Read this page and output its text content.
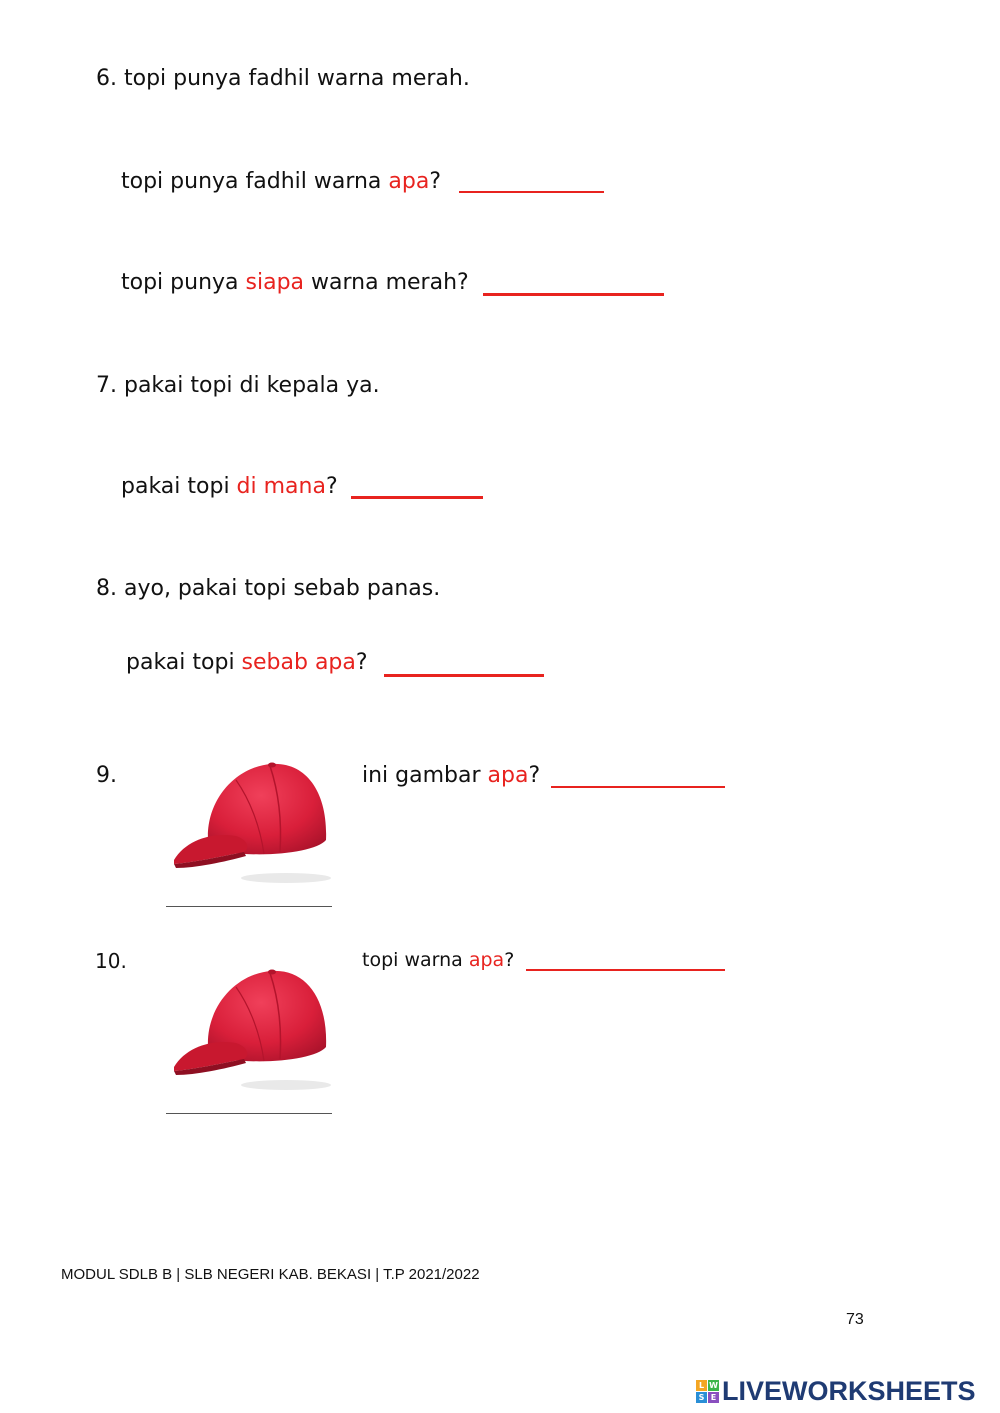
6. topi punya fadhil warna merah.
topi punya fadhil warna apa?
topi punya siapa warna merah?
7. pakai topi di kepala ya.
pakai topi di mana?
8. ayo, pakai topi sebab panas.
pakai topi sebab apa?
9.	ini gambar apa?
10.	topi warna apa?
MODUL SDLB B | SLB NEGERI KAB. BEKASI | T.P 2021/2022
73
L W
S E LIVEWORKSHEETS
